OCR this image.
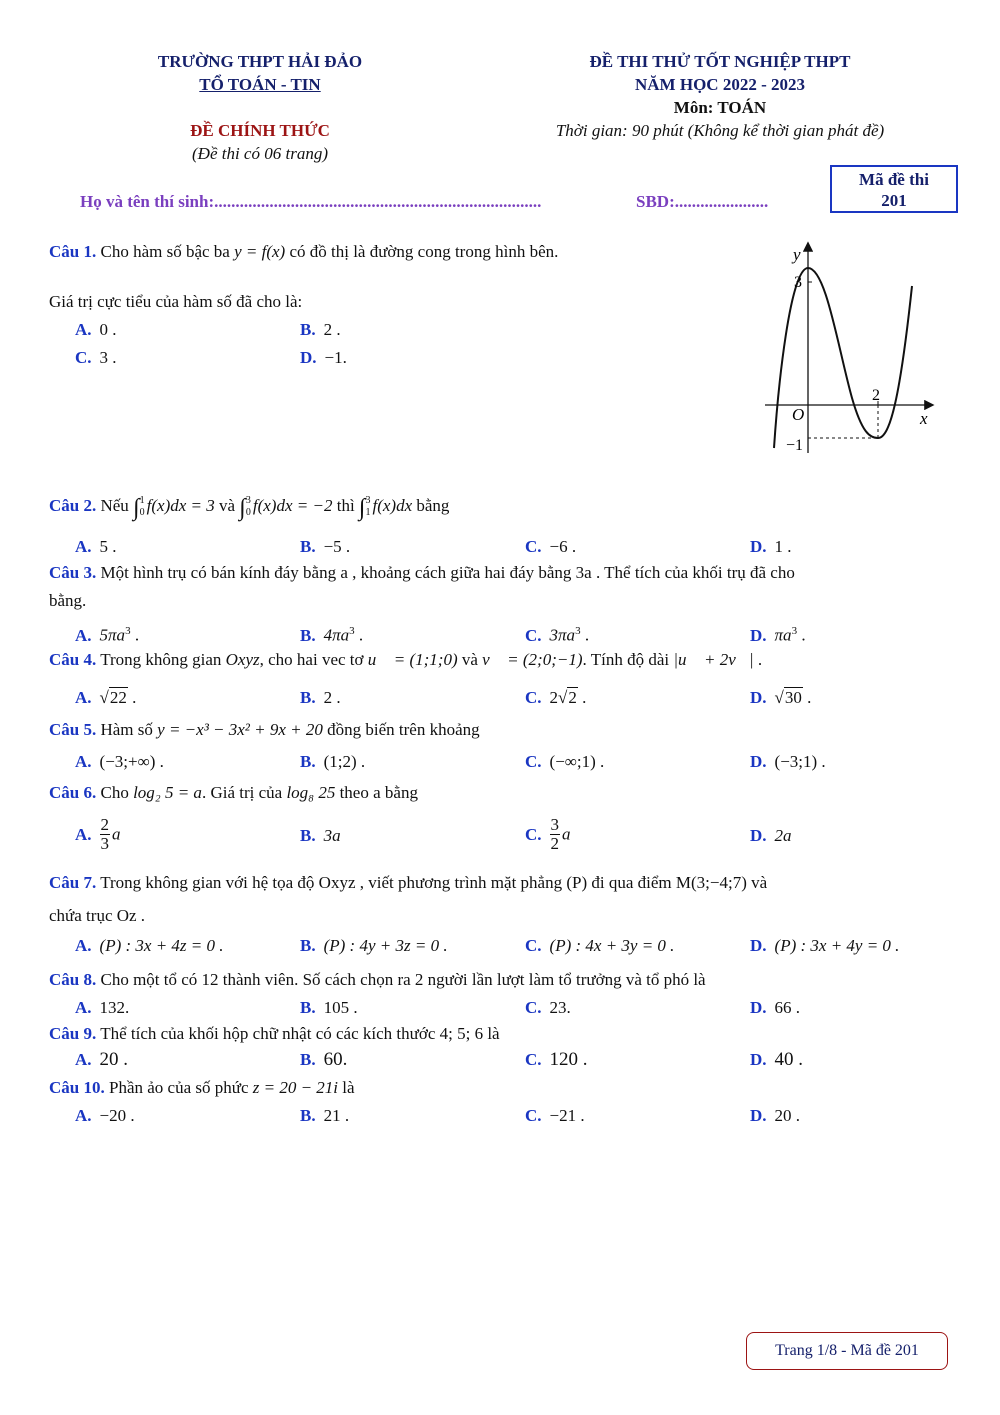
TRƯỜNG THPT HẢI ĐẢO
TỔ TOÁN - TIN
ĐỀ CHÍNH THỨC
(Đề thi có 06 trang)
ĐỀ THI THỬ TỐT NGHIỆP THPT
NĂM HỌC 2022 - 2023
Môn: TOÁN
Thời gian: 90 phút (Không kể thời gian phát đề)
Mã đề thi
201
Họ và tên thí sinh:.............................................................................	SBD:......................
Câu 1. Cho hàm số bậc ba y = f(x) có đồ thị là đường cong trong hình bên.
Giá trị cực tiểu của hàm số đã cho là:
A. 0 .	B. 2 .
C. 3 .	D. −1.
y
x
O
3
2
−1
Câu 2. Nếu ∫ 1
0 f(x)dx = 3 và ∫ 3
0 f(x)dx = −2 thì ∫ 3
1 f(x)dx bằng
A. 5 .	B. −5 .	C. −6 .	D. 1 .
Câu 3. Một hình trụ có bán kính đáy bằng a , khoảng cách giữa hai đáy bằng 3a . Thể tích của khối trụ đã cho
bằng.
A. $5\pi a^3$ .	B. $4\pi a^3$ .	C. $3\pi a^3$ .	D. $\pi a^3$ .
Câu 4. Trong không gian Oxyz, cho hai vec tơ u⃗ = (1;1;0) và v⃗ = (2;0;−1). Tính độ dài |u⃗ + 2v⃗| .
A. √22 .	B. 2 .	C. 2√2 .	D. √30 .
Câu 5. Hàm số y = −x³ − 3x² + 9x + 20 đồng biến trên khoảng
A. (−3;+∞) .	B. (1;2) .	C. (−∞;1) .	D. (−3;1) .
Câu 6. Cho log₂ 5 = a. Giá trị của log₈ 25 theo a bằng
A. $\frac{2}{3}$ a	B. 3a	C. $\frac{3}{2}$ a	D. 2a
Câu 7. Trong không gian với hệ tọa độ Oxyz , viết phương trình mặt phẳng (P) đi qua điểm M(3;−4;7) và
chứa trục Oz .
A. (P) : 3x + 4z = 0 .	B. (P) : 4y + 3z = 0 .	C. (P) : 4x + 3y = 0 .	D. (P) : 3x + 4y = 0 .
Câu 8. Cho một tổ có 12 thành viên. Số cách chọn ra 2 người lần lượt làm tổ trưởng và tổ phó là
A. 132.	B. 105 .	C. 23.	D. 66 .
Câu 9. Thể tích của khối hộp chữ nhật có các kích thước 4; 5; 6 là
A. 20 .	B. 60.	C. 120 .	D. 40 .
Câu 10. Phần ảo của số phức z = 20 − 21i là
A. −20 .	B. 21 .	C. −21 .	D. 20 .
Trang 1/8 - Mã đề 201
